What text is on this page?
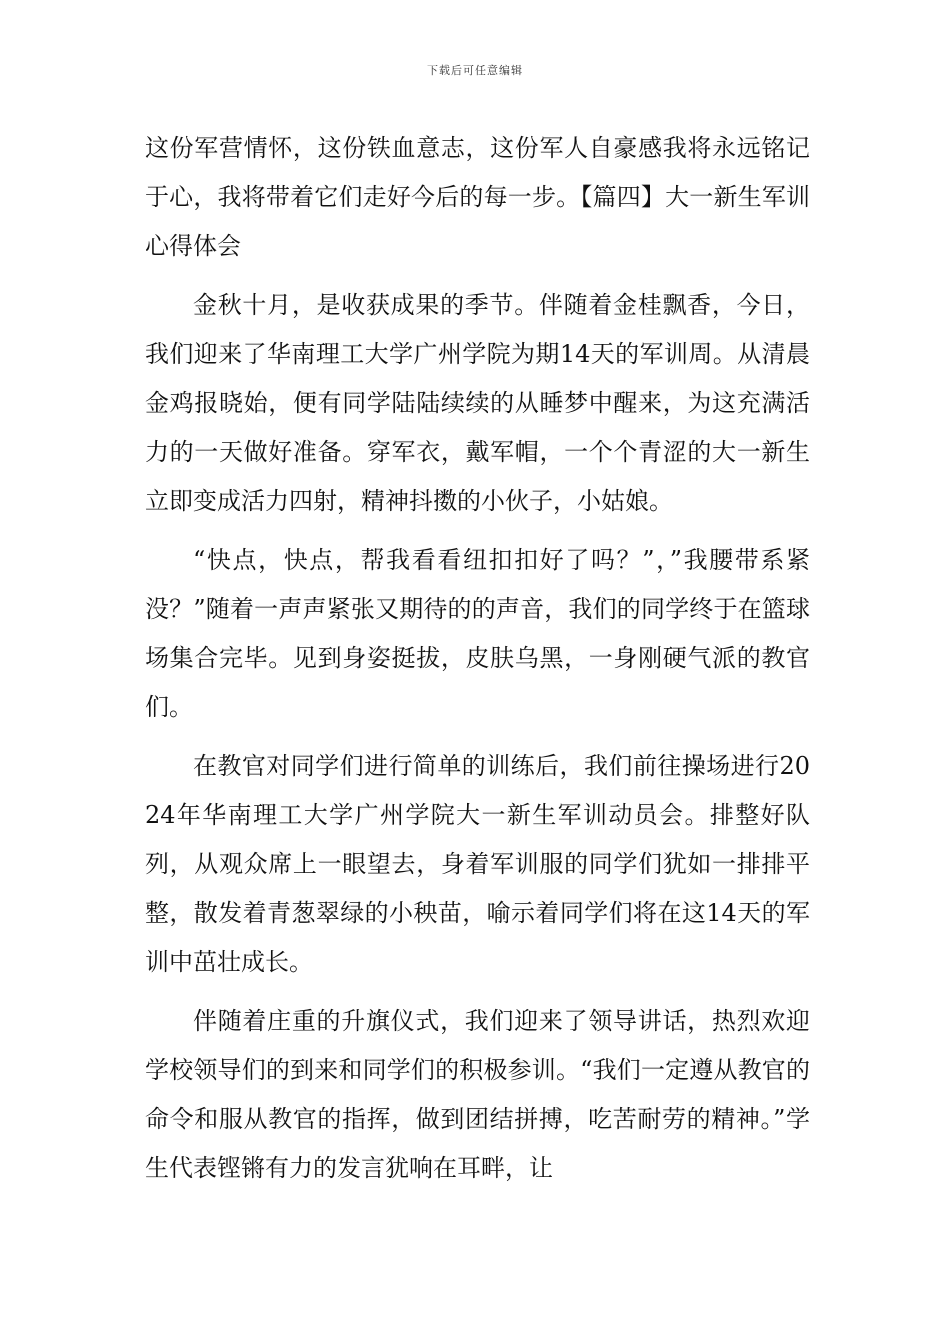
下载后可任意编辑

这份军营情怀，这份铁血意志，这份军人自豪感我将永远铭记于心，我将带着它们走好今后的每一步。【篇四】大一新生军训心得体会

金秋十月，是收获成果的季节。伴随着金桂飘香，今日，我们迎来了华南理工大学广州学院为期14天的军训周。从清晨金鸡报晓始，便有同学陆陆续续的从睡梦中醒来，为这充满活力的一天做好准备。穿军衣，戴军帽，一个个青涩的大一新生立即变成活力四射，精神抖擞的小伙子，小姑娘。

“快点，快点，帮我看看纽扣扣好了吗？”，”我腰带系紧没？”随着一声声紧张又期待的的声音，我们的同学终于在篮球场集合完毕。见到身姿挺拔，皮肤乌黑，一身刚硬气派的教官们。

在教官对同学们进行简单的训练后，我们前往操场进行2024年华南理工大学广州学院大一新生军训动员会。排整好队列，从观众席上一眼望去，身着军训服的同学们犹如一排排平整，散发着青葱翠绿的小秧苗，喻示着同学们将在这14天的军训中茁壮成长。

伴随着庄重的升旗仪式，我们迎来了领导讲话，热烈欢迎学校领导们的到来和同学们的积极参训。“我们一定遵从教官的命令和服从教官的指挥，做到团结拼搏，吃苦耐劳的精神。”学生代表铿锵有力的发言犹响在耳畔，让
